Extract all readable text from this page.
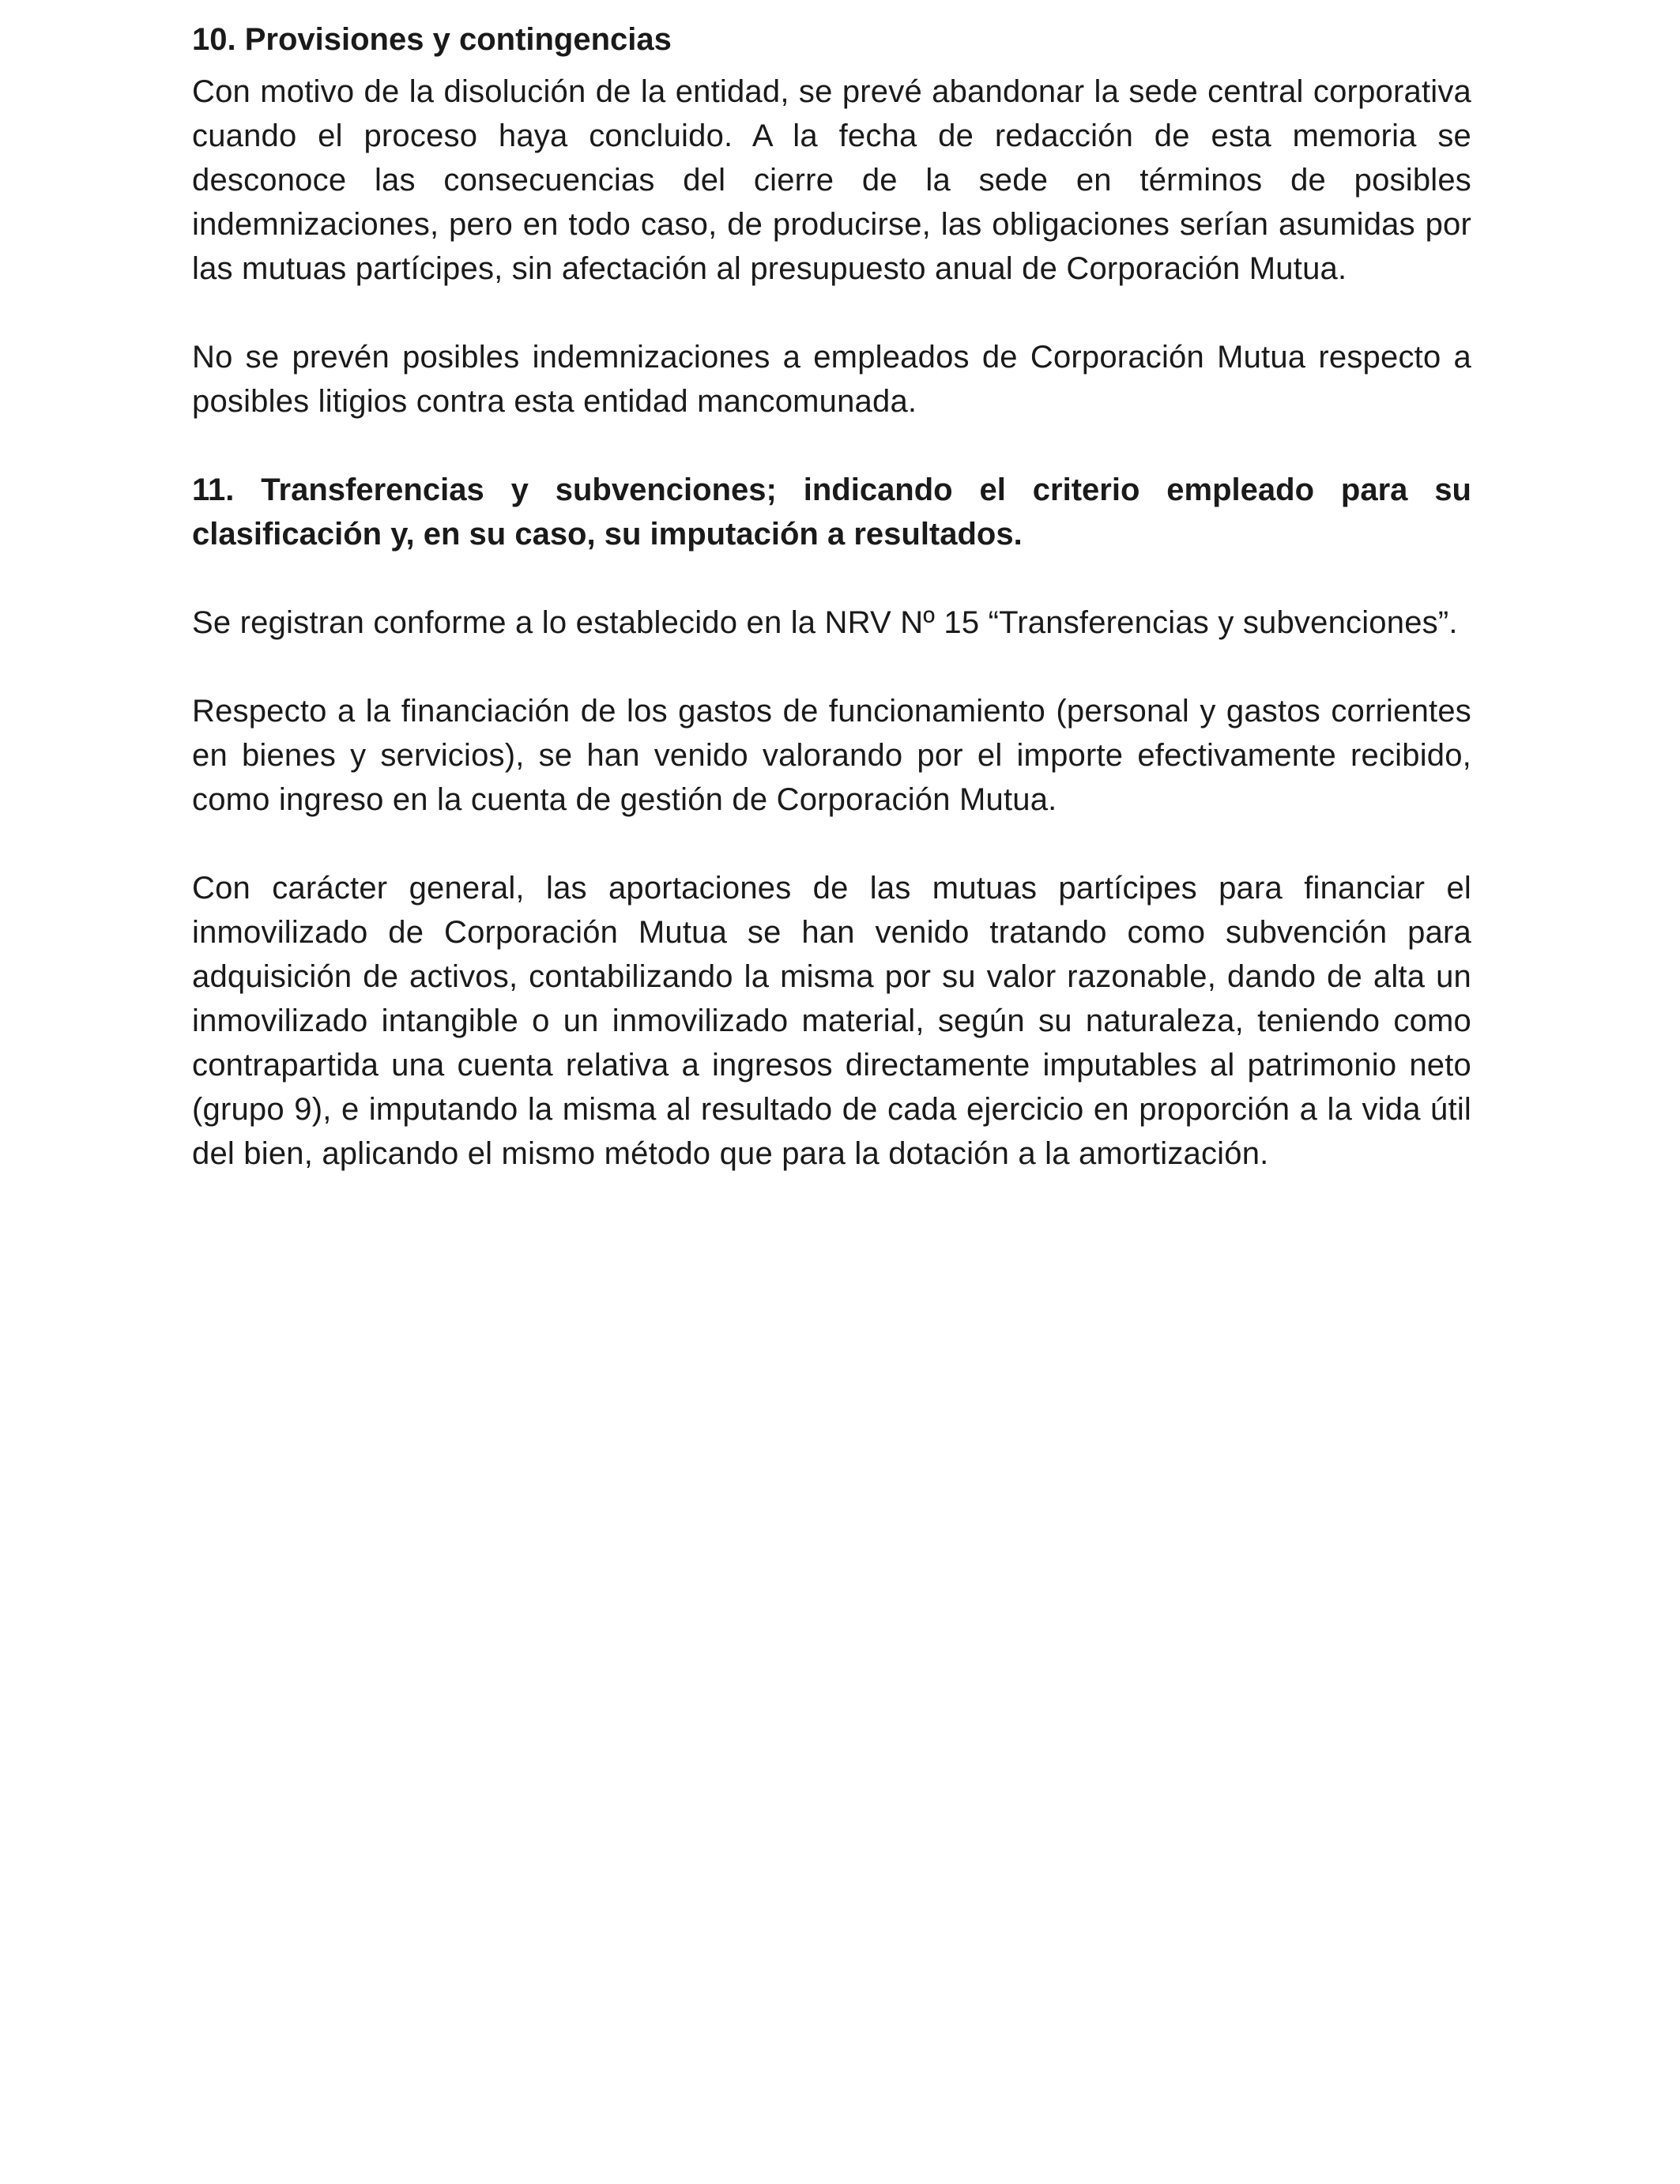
10. Provisiones y contingencias

Con motivo de la disolución de la entidad, se prevé abandonar la sede central corporativa cuando el proceso haya concluido. A la fecha de redacción de esta memoria se desconoce las consecuencias del cierre de la sede en términos de posibles indemnizaciones, pero en todo caso, de producirse, las obligaciones serían asumidas por las mutuas partícipes, sin afectación al presupuesto anual de Corporación Mutua.

No se prevén posibles indemnizaciones a empleados de Corporación Mutua respecto a posibles litigios contra esta entidad mancomunada.

11. Transferencias y subvenciones; indicando el criterio empleado para su clasificación y, en su caso, su imputación a resultados.

Se registran conforme a lo establecido en la NRV Nº 15 “Transferencias y subvenciones”.

Respecto a la financiación de los gastos de funcionamiento (personal y gastos corrientes en bienes y servicios), se han venido valorando por el importe efectivamente recibido, como ingreso en la cuenta de gestión de Corporación Mutua.

Con carácter general, las aportaciones de las mutuas partícipes para financiar el inmovilizado de Corporación Mutua se han venido tratando como subvención para adquisición de activos, contabilizando la misma por su valor razonable, dando de alta un inmovilizado intangible o un inmovilizado material, según su naturaleza, teniendo como contrapartida una cuenta relativa a ingresos directamente imputables al patrimonio neto (grupo 9), e imputando la misma al resultado de cada ejercicio en proporción a la vida útil del bien, aplicando el mismo método que para la dotación a la amortización.
